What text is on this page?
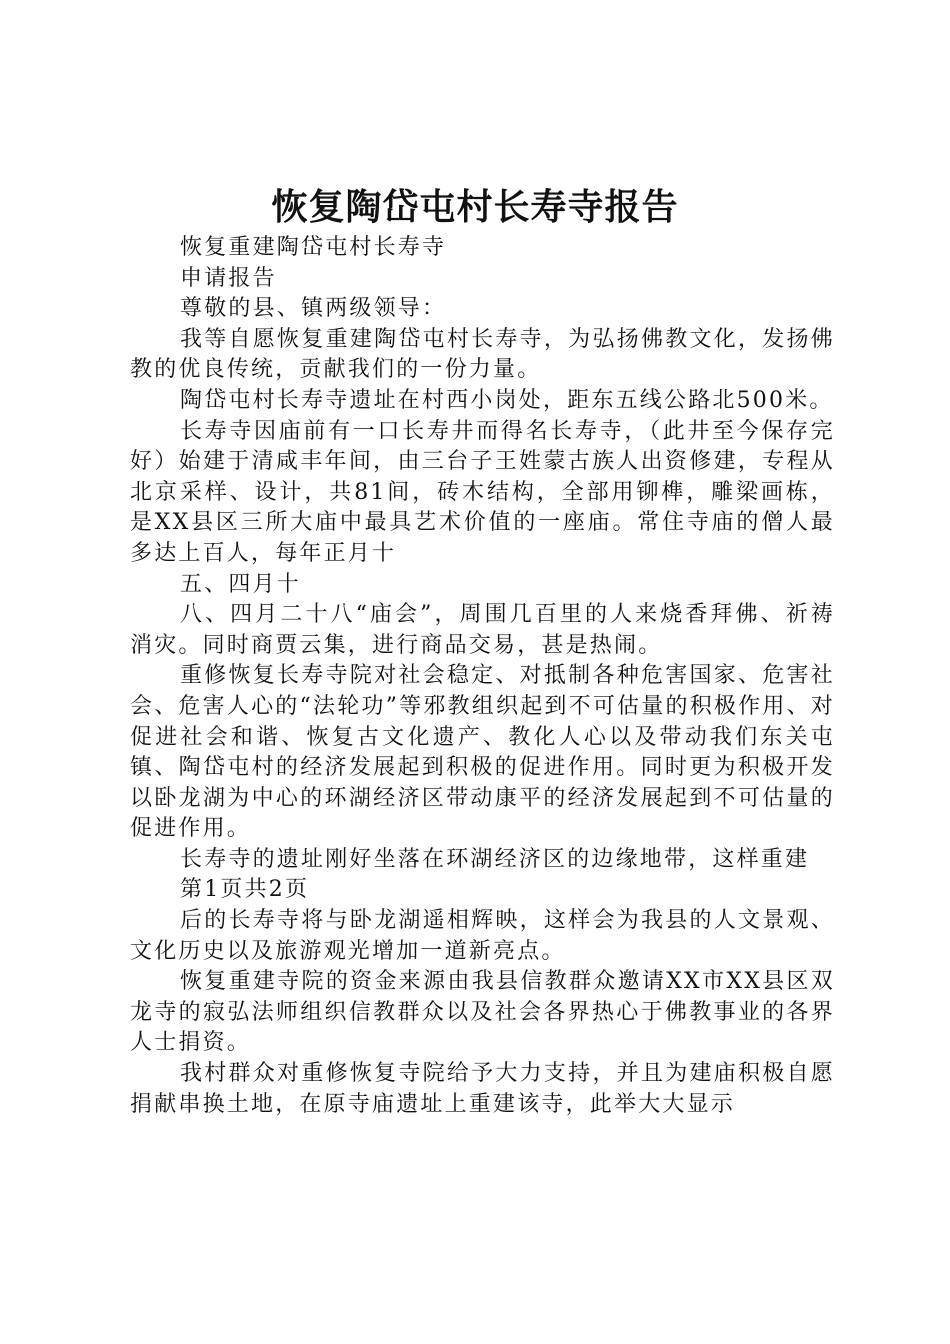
恢复陶岱屯村长寿寺报告

恢复重建陶岱屯村长寿寺

申请报告

尊敬的县、镇两级领导：

我等自愿恢复重建陶岱屯村长寿寺，为弘扬佛教文化，发扬佛教的优良传统，贡献我们的一份力量。

陶岱屯村长寿寺遗址在村西小岗处，距东五线公路北500米。

长寿寺因庙前有一口长寿井而得名长寿寺，（此井至今保存完好）始建于清咸丰年间，由三台子王姓蒙古族人出资修建，专程从北京采样、设计，共81间，砖木结构，全部用铆榫，雕梁画栋，是XX县区三所大庙中最具艺术价值的一座庙。常住寺庙的僧人最多达上百人，每年正月十

五、四月十

八、四月二十八“庙会”，周围几百里的人来烧香拜佛、祈祷消灾。同时商贾云集，进行商品交易，甚是热闹。

重修恢复长寿寺院对社会稳定、对抵制各种危害国家、危害社会、危害人心的“法轮功”等邪教组织起到不可估量的积极作用、对促进社会和谐、恢复古文化遗产、教化人心以及带动我们东关屯镇、陶岱屯村的经济发展起到积极的促进作用。同时更为积极开发以卧龙湖为中心的环湖经济区带动康平的经济发展起到不可估量的促进作用。

长寿寺的遗址刚好坐落在环湖经济区的边缘地带，这样重建

第1页共2页

后的长寿寺将与卧龙湖遥相辉映，这样会为我县的人文景观、文化历史以及旅游观光增加一道新亮点。

恢复重建寺院的资金来源由我县信教群众邀请XX市XX县区双龙寺的寂弘法师组织信教群众以及社会各界热心于佛教事业的各界人士捐资。

我村群众对重修恢复寺院给予大力支持，并且为建庙积极自愿捐献串换土地，在原寺庙遗址上重建该寺，此举大大显示
